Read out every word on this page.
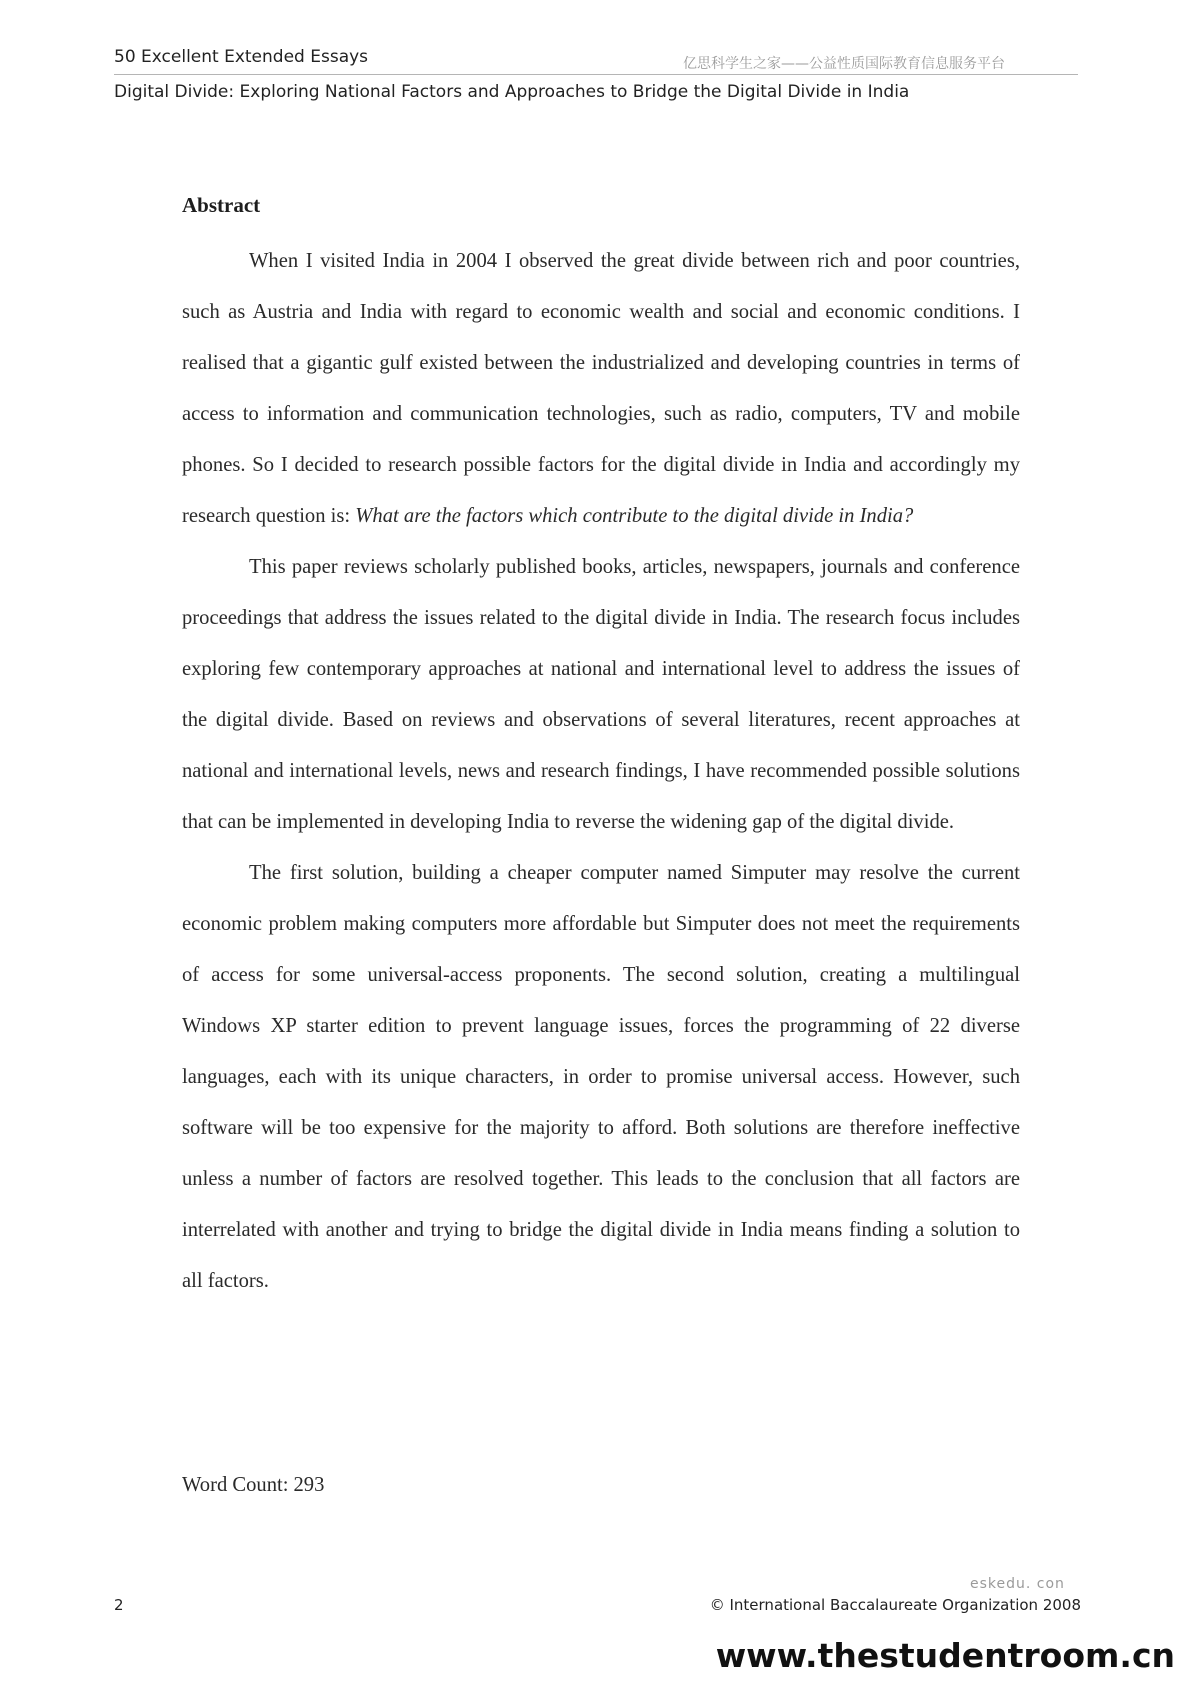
50 Excellent Extended Essays	亿思科学生之家——公益性质国际教育信息服务平台
Digital Divide: Exploring National Factors and Approaches to Bridge the Digital Divide in India
Abstract

When I visited India in 2004 I observed the great divide between rich and poor countries, such as Austria and India with regard to economic wealth and social and economic conditions. I realised that a gigantic gulf existed between the industrialized and developing countries in terms of access to information and communication technologies, such as radio, computers, TV and mobile phones. So I decided to research possible factors for the digital divide in India and accordingly my research question is: What are the factors which contribute to the digital divide in India?

This paper reviews scholarly published books, articles, newspapers, journals and conference proceedings that address the issues related to the digital divide in India. The research focus includes exploring few contemporary approaches at national and international level to address the issues of the digital divide. Based on reviews and observations of several literatures, recent approaches at national and international levels, news and research findings, I have recommended possible solutions that can be implemented in developing India to reverse the widening gap of the digital divide.

The first solution, building a cheaper computer named Simputer may resolve the current economic problem making computers more affordable but Simputer does not meet the requirements of access for some universal-access proponents. The second solution, creating a multilingual Windows XP starter edition to prevent language issues, forces the programming of 22 diverse languages, each with its unique characters, in order to promise universal access. However, such software will be too expensive for the majority to afford. Both solutions are therefore ineffective unless a number of factors are resolved together. This leads to the conclusion that all factors are interrelated with another and trying to bridge the digital divide in India means finding a solution to all factors.

Word Count: 293
eskedu. con
2	© International Baccalaureate Organization 2008
www.thestudentroom.cn
